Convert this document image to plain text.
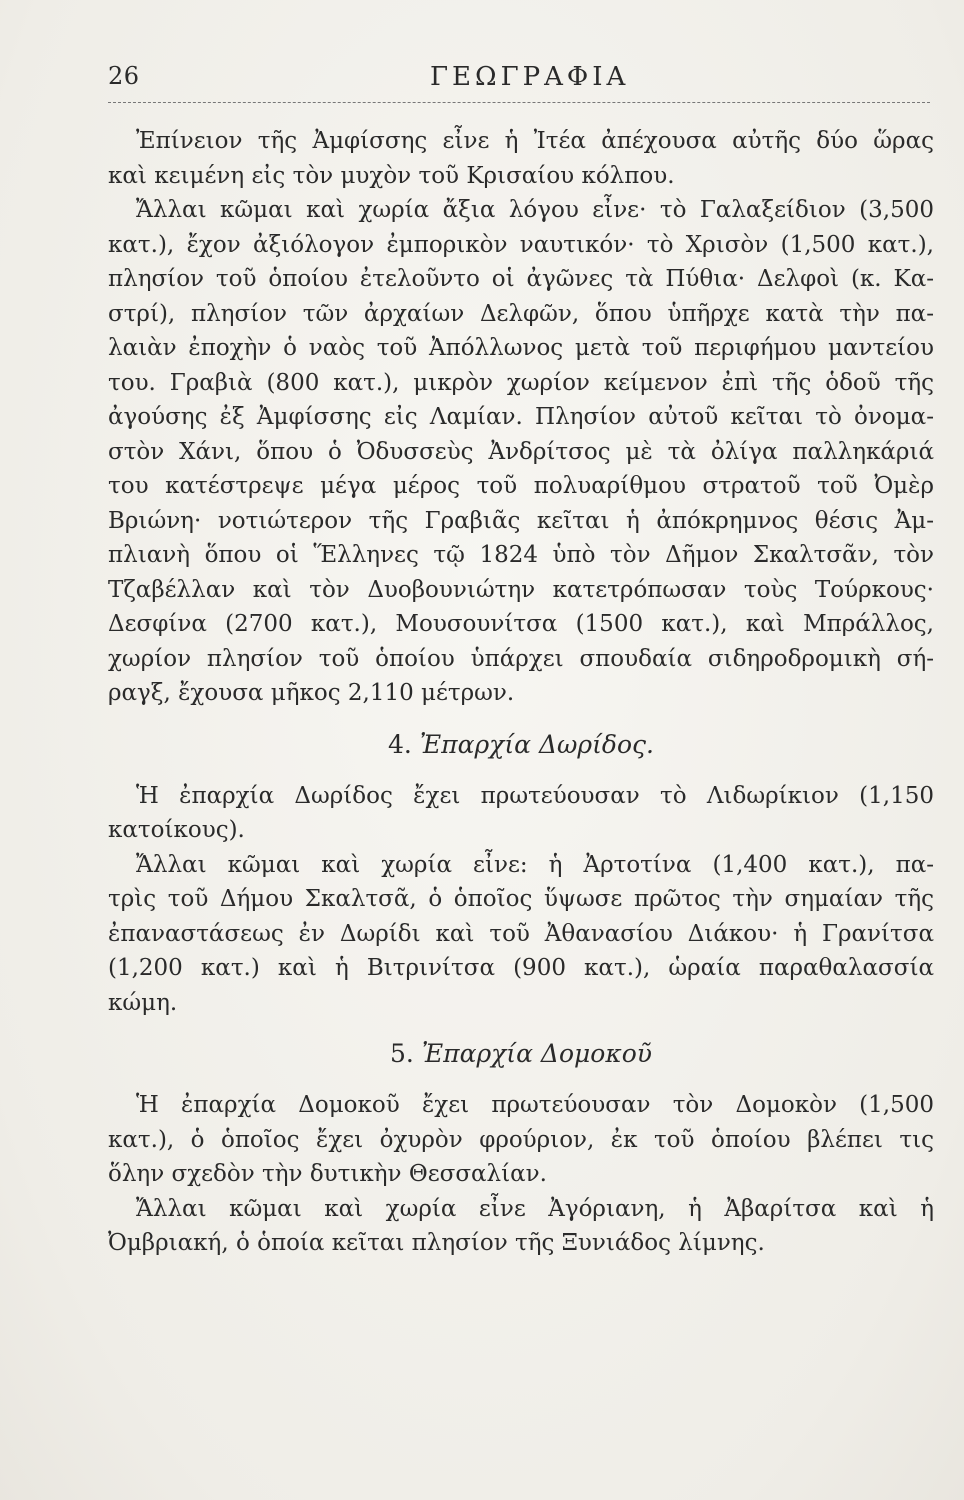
26	ΓΕΩΓΡΑΦΙΑ
Ἐπίνειον τῆς Ἀμφίσσης εἶνε ἡ Ἰτέα ἀπέχουσα αὐτῆς δύο ὥρας
καὶ κειμένη εἰς τὸν μυχὸν τοῦ Κρισαίου κόλπου.
Ἄλλαι κῶμαι καὶ χωρία ἄξια λόγου εἶνε· τὸ Γαλαξείδιον (3,500
κατ.), ἔχον ἀξιόλογον ἐμπορικὸν ναυτικόν· τὸ Χρισὸν (1,500 κατ.),
πλησίον τοῦ ὁποίου ἐτελοῦντο οἱ ἀγῶνες τὰ Πύθια· Δελφοὶ (κ. Κα-
στρί), πλησίον τῶν ἀρχαίων Δελφῶν, ὅπου ὑπῆρχε κατὰ τὴν πα-
λαιὰν ἐποχὴν ὁ ναὸς τοῦ Ἀπόλλωνος μετὰ τοῦ περιφήμου μαντείου
του. Γραβιὰ (800 κατ.), μικρὸν χωρίον κείμενον ἐπὶ τῆς ὁδοῦ τῆς
ἀγούσης ἐξ Ἀμφίσσης εἰς Λαμίαν. Πλησίον αὐτοῦ κεῖται τὸ ὀνομα-
στὸν Χάνι, ὅπου ὁ Ὀδυσσεὺς Ἀνδρίτσος μὲ τὰ ὀλίγα παλληκάριά
του κατέστρεψε μέγα μέρος τοῦ πολυαρίθμου στρατοῦ τοῦ Ὀμὲρ
Βριώνη· νοτιώτερον τῆς Γραβιᾶς κεῖται ἡ ἀπόκρημνος θέσις Ἀμ-
πλιανὴ ὅπου οἱ Ἕλληνες τῷ 1824 ὑπὸ τὸν Δῆμον Σκαλτσᾶν, τὸν
Τζαβέλλαν καὶ τὸν Δυοβουνιώτην κατετρόπωσαν τοὺς Τούρκους·
Δεσφίνα (2700 κατ.), Μουσουνίτσα (1500 κατ.), καὶ Μπράλλος,
χωρίον πλησίον τοῦ ὁποίου ὑπάρχει σπουδαία σιδηροδρομικὴ σή-
ραγξ, ἔχουσα μῆκος 2,110 μέτρων.
4. Ἐπαρχία Δωρίδος.
Ἡ ἐπαρχία Δωρίδος ἔχει πρωτεύουσαν τὸ Λιδωρίκιον (1,150
κατοίκους).
Ἄλλαι κῶμαι καὶ χωρία εἶνε: ἡ Ἀρτοτίνα (1,400 κατ.), πα-
τρὶς τοῦ Δήμου Σκαλτσᾶ, ὁ ὁποῖος ὕψωσε πρῶτος τὴν σημαίαν τῆς
ἐπαναστάσεως ἐν Δωρίδι καὶ τοῦ Ἀθανασίου Διάκου· ἡ Γρανίτσα
(1,200 κατ.) καὶ ἡ Βιτρινίτσα (900 κατ.), ὡραία παραθαλασσία
κώμη.
5. Ἐπαρχία Δομοκοῦ
Ἡ ἐπαρχία Δομοκοῦ ἔχει πρωτεύουσαν τὸν Δομοκὸν (1,500
κατ.), ὁ ὁποῖος ἔχει ὀχυρὸν φρούριον, ἐκ τοῦ ὁποίου βλέπει τις
ὅλην σχεδὸν τὴν δυτικὴν Θεσσαλίαν.
Ἄλλαι κῶμαι καὶ χωρία εἶνε Ἀγόριανη, ἡ Ἀβαρίτσα καὶ ἡ
Ὀμβριακή, ὁ ὁποία κεῖται πλησίον τῆς Ξυνιάδος λίμνης.
